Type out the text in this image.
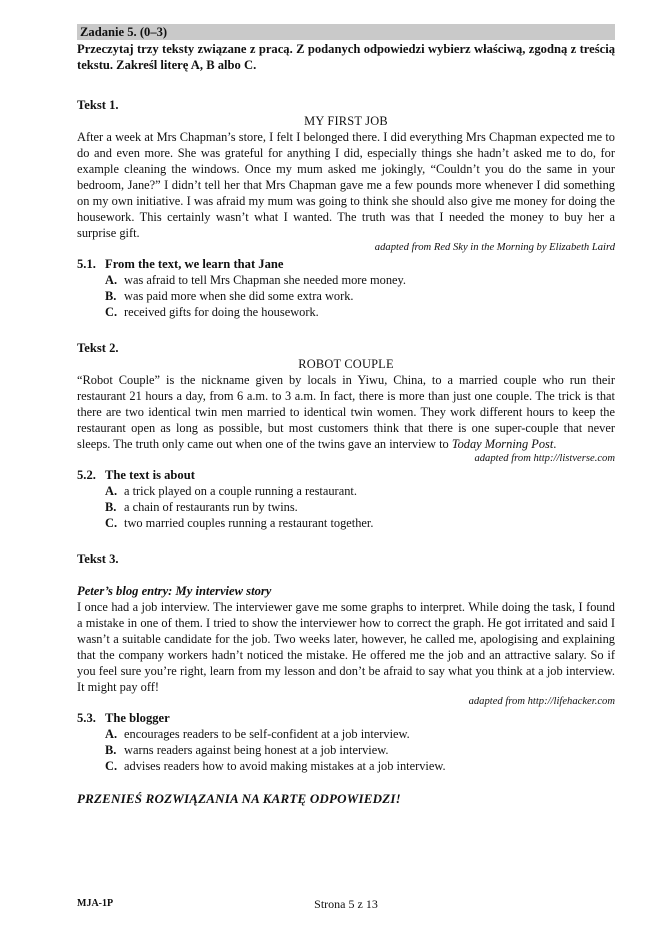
Zadanie 5. (0–3)
Przeczytaj trzy teksty związane z pracą. Z podanych odpowiedzi wybierz właściwą, zgodną z treścią tekstu. Zakreśl literę A, B albo C.
Tekst 1.
MY FIRST JOB
After a week at Mrs Chapman’s store, I felt I belonged there. I did everything Mrs Chapman expected me to do and even more. She was grateful for anything I did, especially things she hadn’t asked me to do, for example cleaning the windows. Once my mum asked me jokingly, “Couldn’t you do the same in your bedroom, Jane?” I didn’t tell her that Mrs Chapman gave me a few pounds more whenever I did something on my own initiative. I was afraid my mum was going to think she should also give me money for doing the housework. This certainly wasn’t what I wanted. The truth was that I needed the money to buy her a surprise gift.
adapted from Red Sky in the Morning by Elizabeth Laird
5.1. From the text, we learn that Jane
A. was afraid to tell Mrs Chapman she needed more money.
B. was paid more when she did some extra work.
C. received gifts for doing the housework.
Tekst 2.
ROBOT COUPLE
“Robot Couple” is the nickname given by locals in Yiwu, China, to a married couple who run their restaurant 21 hours a day, from 6 a.m. to 3 a.m. In fact, there is more than just one couple. The trick is that there are two identical twin men married to identical twin women. They work different hours to keep the restaurant open as long as possible, but most customers think that there is one super-couple that never sleeps. The truth only came out when one of the twins gave an interview to Today Morning Post.
adapted from http://listverse.com
5.2. The text is about
A. a trick played on a couple running a restaurant.
B. a chain of restaurants run by twins.
C. two married couples running a restaurant together.
Tekst 3.
Peter’s blog entry: My interview story
I once had a job interview. The interviewer gave me some graphs to interpret. While doing the task, I found a mistake in one of them. I tried to show the interviewer how to correct the graph. He got irritated and said I wasn’t a suitable candidate for the job. Two weeks later, however, he called me, apologising and explaining that the company workers hadn’t noticed the mistake. He offered me the job and an attractive salary. So if you feel sure you’re right, learn from my lesson and don’t be afraid to say what you think at a job interview. It might pay off!
adapted from http://lifehacker.com
5.3. The blogger
A. encourages readers to be self-confident at a job interview.
B. warns readers against being honest at a job interview.
C. advises readers how to avoid making mistakes at a job interview.
PRZENIEŚ ROZWIĄZANIA NA KARTĘ ODPOWIEDZI!
MJA-1P	Strona 5 z 13
